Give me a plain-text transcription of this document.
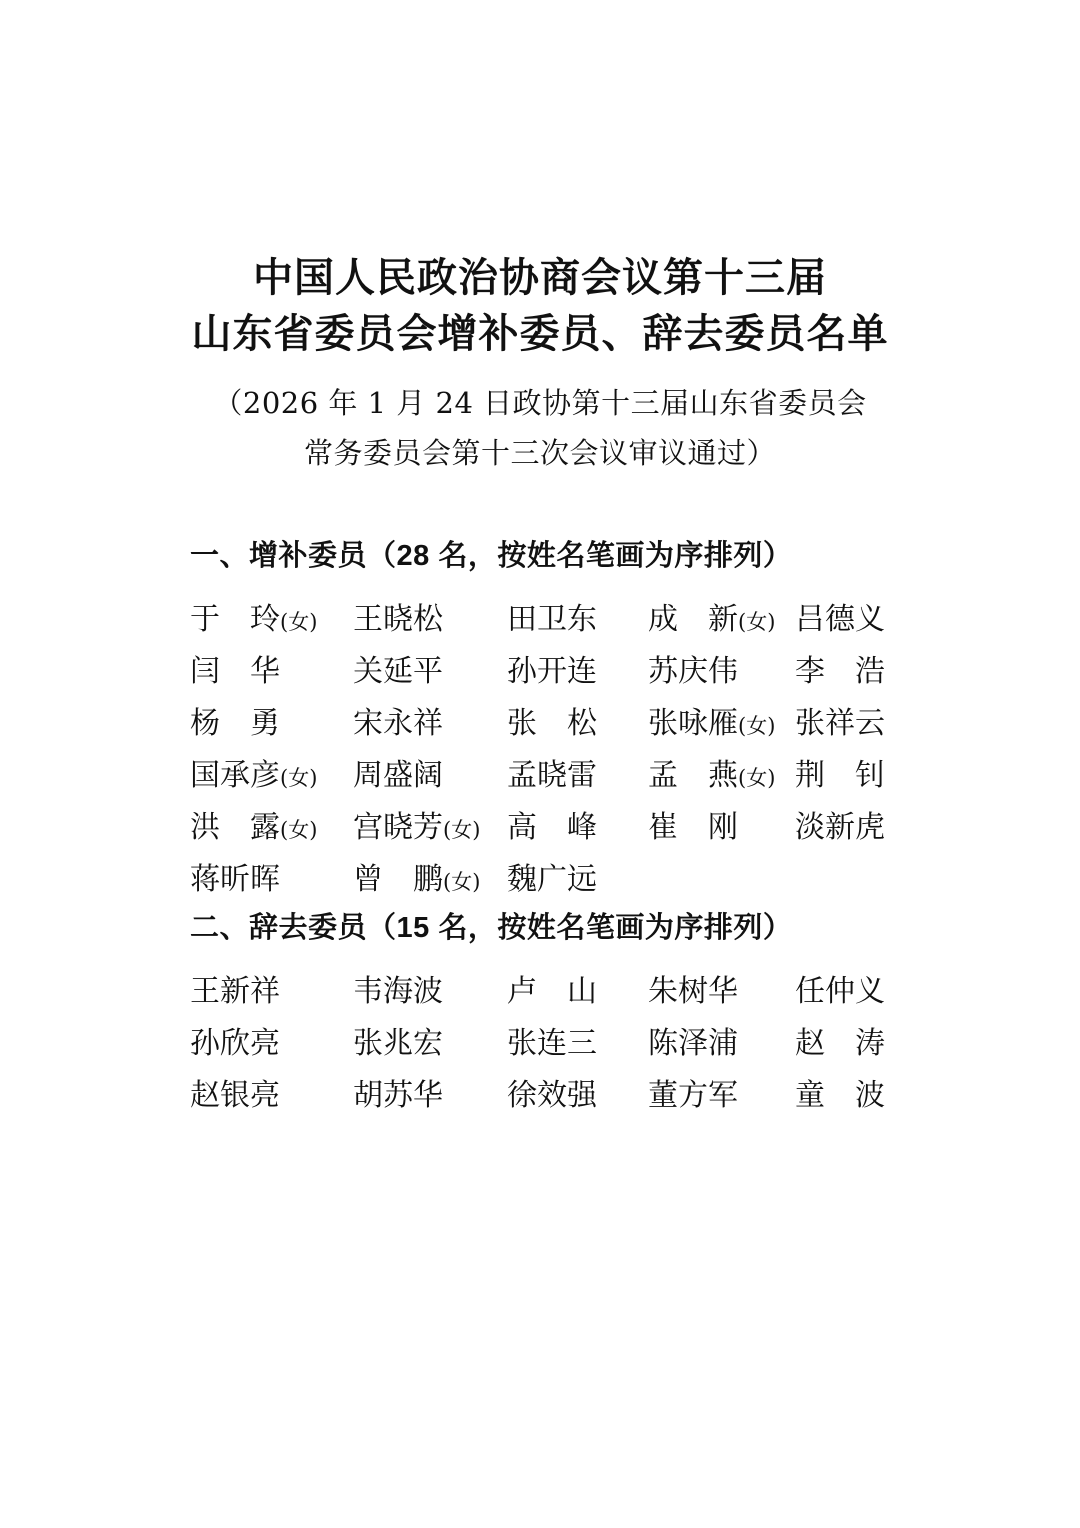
中国人民政治协商会议第十三届
山东省委员会增补委员、辞去委员名单
（2026 年 1 月 24 日政协第十三届山东省委员会
常务委员会第十三次会议审议通过）
一、增补委员（28 名，按姓名笔画为序排列）
于　玲(女)	王晓松	田卫东	成　新(女) 吕德义
闫　华	关延平	孙开连	苏庆伟	李　浩
杨　勇	宋永祥	张　松	张咏雁(女) 张祥云
国承彦(女)	周盛阔	孟晓雷	孟　燕(女) 荆　钊
洪　露(女)	宫晓芳(女) 高　峰	崔　刚	淡新虎
蒋昕晖	曾　鹏(女) 魏广远
二、辞去委员（15 名，按姓名笔画为序排列）
王新祥	韦海波	卢　山	朱树华	任仲义
孙欣亮	张兆宏	张连三	陈泽浦	赵　涛
赵银亮	胡苏华	徐效强	董方军	童　波
